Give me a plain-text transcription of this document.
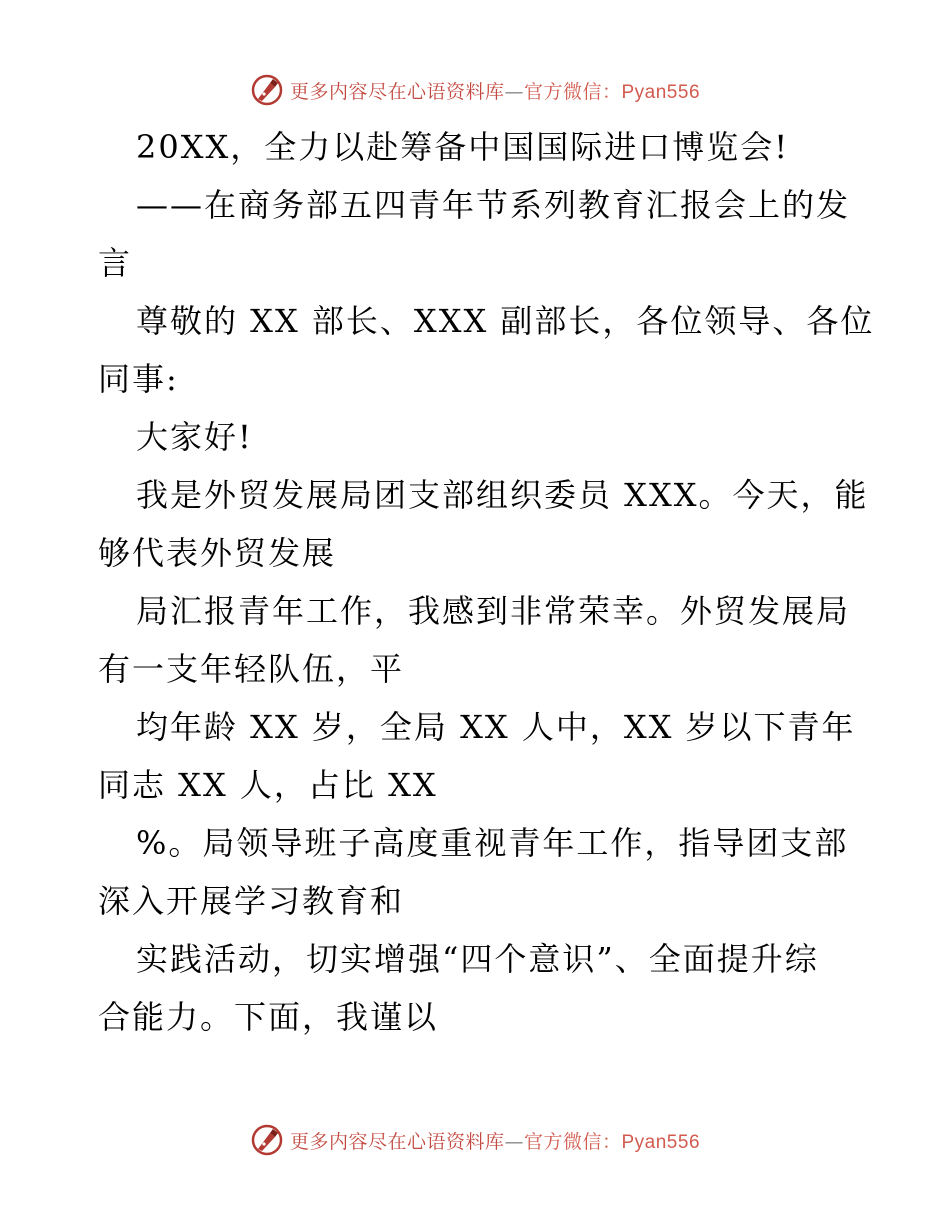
更多内容尽在心语资料库—官方微信：Pyan556
20XX，全力以赴筹备中国国际进口博览会!
——在商务部五四青年节系列教育汇报会上的发
言
尊敬的 XX 部长、XXX 副部长，各位领导、各位
同事:
大家好!
我是外贸发展局团支部组织委员 XXX。今天，能
够代表外贸发展
局汇报青年工作，我感到非常荣幸。外贸发展局
有一支年轻队伍，平
均年龄 XX 岁，全局 XX 人中，XX 岁以下青年
同志 XX 人，占比 XX
%。局领导班子高度重视青年工作，指导团支部
深入开展学习教育和
实践活动，切实增强“四个意识”、全面提升综
合能力。下面，我谨以
更多内容尽在心语资料库—官方微信：Pyan556
